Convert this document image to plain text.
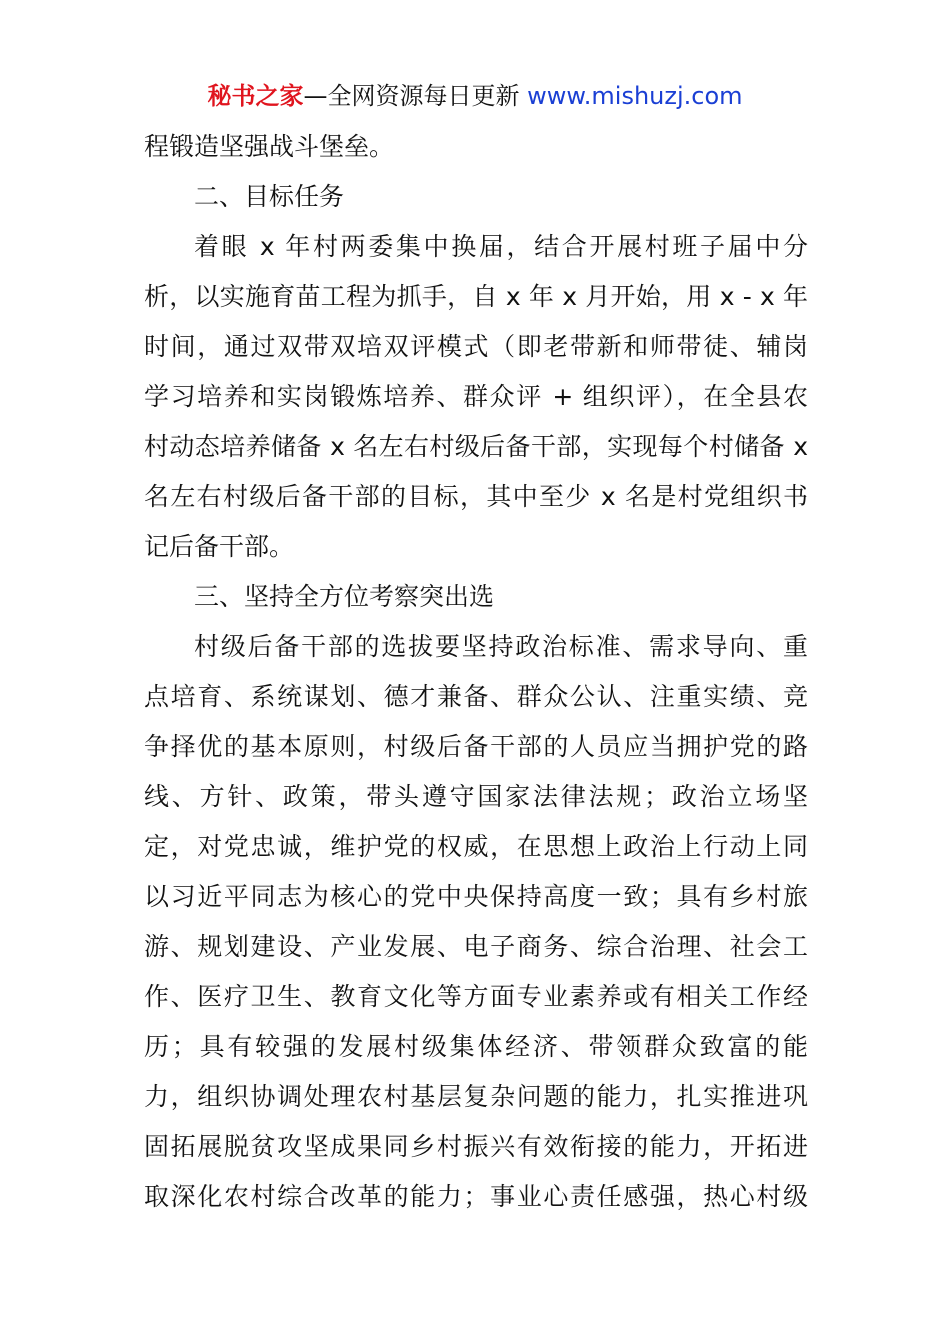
秘书之家—全网资源每日更新 www.mishuzj.com
程锻造坚强战斗堡垒。
二、目标任务
着眼 x 年村两委集中换届，结合开展村班子届中分
析，以实施育苗工程为抓手，自 x 年 x 月开始，用 x - x 年
时间，通过双带双培双评模式（即老带新和师带徒、辅岗
学习培养和实岗锻炼培养、群众评 + 组织评），在全县农
村动态培养储备 x 名左右村级后备干部，实现每个村储备 x
名左右村级后备干部的目标，其中至少 x 名是村党组织书
记后备干部。
三、坚持全方位考察突出选
村级后备干部的选拔要坚持政治标准、需求导向、重
点培育、系统谋划、德才兼备、群众公认、注重实绩、竞
争择优的基本原则，村级后备干部的人员应当拥护党的路
线、方针、政策，带头遵守国家法律法规；政治立场坚
定，对党忠诚，维护党的权威，在思想上政治上行动上同
以习近平同志为核心的党中央保持高度一致；具有乡村旅
游、规划建设、产业发展、电子商务、综合治理、社会工
作、医疗卫生、教育文化等方面专业素养或有相关工作经
历；具有较强的发展村级集体经济、带领群众致富的能
力，组织协调处理农村基层复杂问题的能力，扎实推进巩
固拓展脱贫攻坚成果同乡村振兴有效衔接的能力，开拓进
取深化农村综合改革的能力；事业心责任感强，热心村级
